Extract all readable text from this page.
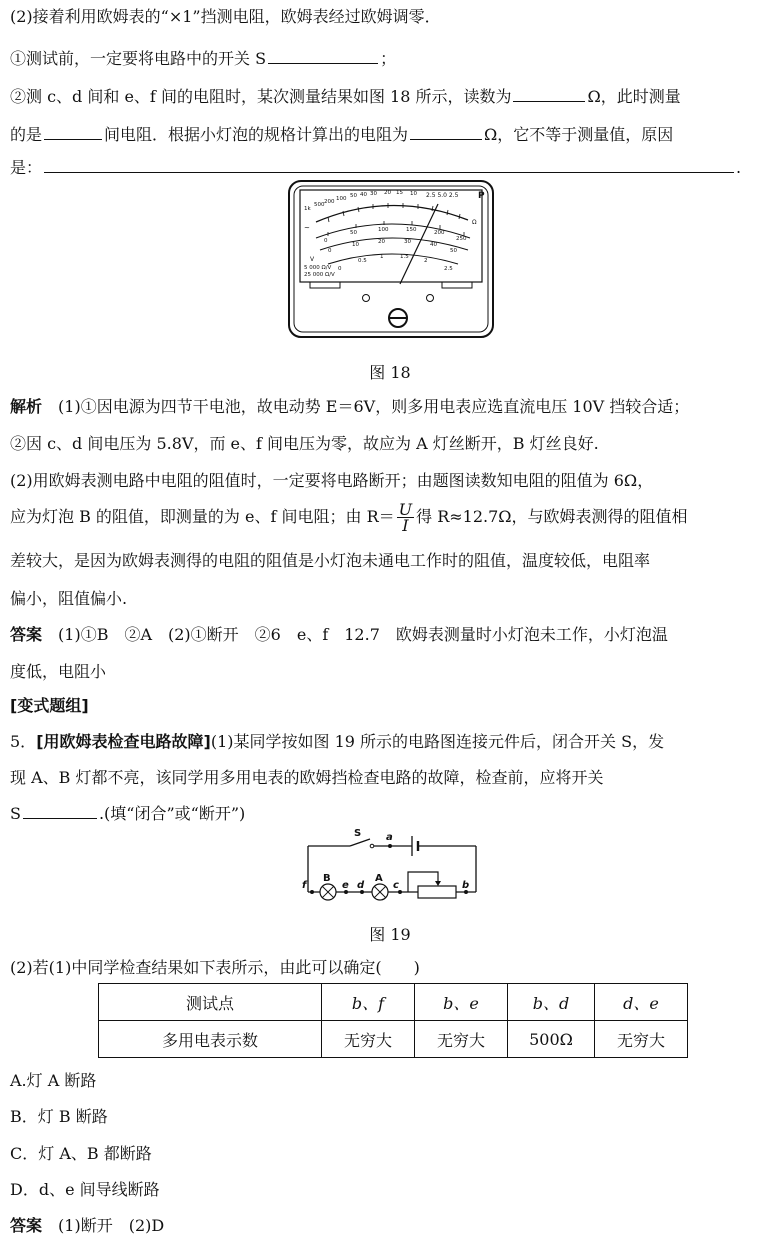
(2)接着利用欧姆表的“×1”挡测电阻，欧姆表经过欧姆调零．
①测试前，一定要将电路中的开关 S	；
②测 c、d 间和 e、f 间的电阻时，某次测量结果如图 18 所示，读数为	Ω，此时测量
的是	间电阻．根据小灯泡的规格计算出的电阻为	Ω，它不等于测量值，原因
是：	.
1k
500 200 100 50 40 30 20 15 10 2.5 5.0 2.5 P
Ω
0
50	100	150	200
250
0
10	20	30	40
50
0
0.5
1	1.5
2
2.5
~
V
5 000 Ω/V
25 000 Ω/V
图 18
解析　 (1)①因电源为四节干电池，故电动势 E＝6V，则多用电表应选直流电压 10V 挡较合适；
②因 c、d 间电压为 5.8V，而 e、f 间电压为零，故应为 A 灯丝断开，B 灯丝良好.
(2)用欧姆表测电路中电阻的阻值时，一定要将电路断开；由题图读数知电阻的阻值为 6Ω，
应为灯泡 B 的阻值，即测量的为 e、f 间电阻；由 $R= \frac{U}{I}$ 得 R≈12.7Ω，与欧姆表测得的阻值相
差较大，是因为欧姆表测得的电阻的阻值是小灯泡未通电工作时的阻值，温度较低，电阻率
偏小，阻值偏小.
答案　 (1)①B　②A　(2)①断开　②6　e、f　12.7　欧姆表测量时小灯泡未工作，小灯泡温
度低，电阻小
[变式题组]
5．[用欧姆表检查电路故障](1)某同学按如图 19 所示的电路图连接元件后，闭合开关 S，发
现 A、B 灯都不亮，该同学用多用电表的欧姆挡检查电路的故障，检查前，应将开关
S	.(填“闭合”或“断开”)
S a
B	A
f	e d	c	b
图 19
(2)若(1)中同学检查结果如下表所示，由此可以确定(　　)
测试点	b、f	b、e	b、d	d、e
多用电表示数	无穷大	无穷大	500Ω	无穷大
A.灯 A 断路
B．灯 B 断路
C．灯 A、B 都断路
D．d、e 间导线断路
答案　 (1)断开　(2)D
